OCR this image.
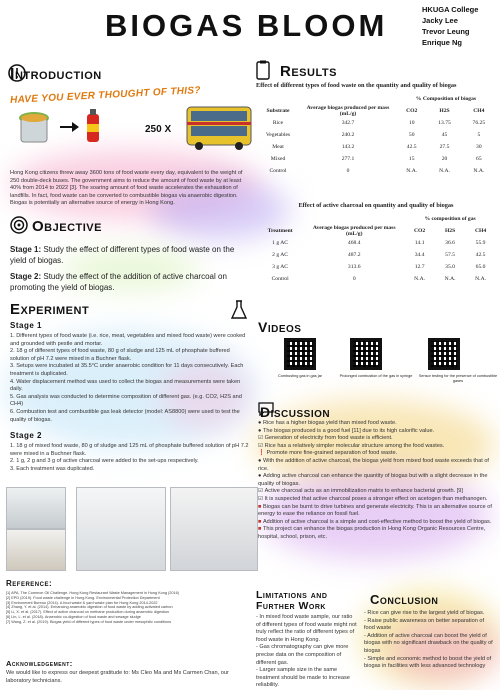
BIOGAS BLOOM	HKUGA College
Jacky Lee
Trevor Leung
Enrique Ng
Introduction
HAVE YOU EVER THOUGHT OF THIS?
250 X
Hong Kong citizens threw away 3600 tons of food waste every day, equivalent to the weight of 250 double-deck buses. The government aims to reduce the amount of food waste by at least 40% from 2014 to 2022 [3]. The soaring amount of food waste accelerates the exhaustion of landfills. In fact, food waste can be converted to combustible biogas via anaerobic digestion. Biogas is potentially an alternative source of energy in Hong Kong.
Objective
Stage 1: Study the effect of different types of food waste on the yield of biogas.
Stage 2: Study the effect of the addition of active charcoal on promoting the yield of biogas.
Experiment
Stage 1
1. Different types of food waste (i.e. rice, meat, vegetables and mixed food waste) were cooked and grounded with pestle and mortar.
2. 18 g of different types of food waste, 80 g of sludge and 125 mL of phosphate buffered solution of pH 7.2 were mixed in a Buchner flask.
3. Setups were incubated at 35.5°C under anaerobic condition for 11 days consecutively. Each treatment is duplicated.
4. Water displacement method was used to collect the biogas and measurements were taken daily.
5. Gas analysis was conducted to determine composition of different gas. (e.g. CO2, H2S and CH4)
6. Combustion test and combustible gas leak detector (model: AS8800) were used to test the quality of biogas.
Stage 2
1. 18 g of mixed food waste, 80 g of sludge and 125 mL of phosphate buffered solution of pH 7.2 were mixed in a Buchner flask.
2. 1 g, 2 g and 3 g of active charcoal were added to the set-ups respectively.
3. Each treatment was duplicated.
Reference:
[1] APA, The Common Oil Challenge. Hong Kong Restaurant Waste Management in Hong Kong (2016)
[2] EPD (2019). Food waste challenge in Hong Kong. Environmental Protection Department
[3] Environment Bureau (2014). A food waste & yard waste plan for Hong Kong 2014-2022
[4] Zhang, Y. et al. (2014). Enhancing anaerobic digestion of food waste by adding activated carbon
[5] Li, X. et al. (2017). Effect of active charcoal on methane production during anaerobic digestion
[6] Lin, L. et al. (2018). Anaerobic co-digestion of food waste and sewage sludge
[7] Wang, Z. et al. (2019). Biogas yield of different types of food waste under mesophilic conditions
Acknowledgement:
We would like to express our deepest gratitude to: Ms Cleo Ma and Ms Carmen Chan, our laboratory technicians.
Results
Effect of different types of food waste on the quantity and quality of biogas
		% Composition of biogas		
Substrate	Average biogas produced per mass (mL/g)	CO2	H2S	CH4
Rice	342.7	10	13.75	76.25
Vegetables	240.2	50	45	5
Meat	143.2	42.5	27.5	30
Mixed	277.1	15	20	65
Control	0	N.A.	N.A.	N.A.
Effect of active charcoal on quantity and quality of biogas
		% composition of gas		
Treatment	Average biogas produced per mass (mL/g)	CO2	H2S	CH4
1 g AC	468.4	14.1	36.6	55.9
2 g AC	487.2	34.4	57.5	42.5
3 g AC	313.6	12.7	35.0	65.0
Control	0	N.A.	N.A.	N.A.
Videos
Combusting gas in gas jar	Prolonged combustion of the gas in syringe	Sensor testing for the presence of combustible gases
Discussion
● Rice has a higher biogas yield than mixed food waste.
● The biogas produced is a good fuel [11] due to its high calorific value.
☑ Generation of electricity from food waste is efficient.
☑ Rice has a relatively simpler molecular structure among the food wastes.
❗ Promote more fine-grained separation of food waste.
● With the addition of active charcoal, the biogas yield from mixed food waste exceeds that of rice.
● Adding active charcoal can enhance the quantity of biogas but with a slight decrease in the quality of biogas.
☑ Active charcoal acts as an immobilization matrix to enhance bacterial growth. [9]
☑ It is suspected that active charcoal poses a stronger effect on acetogen than methanogen.
■ Biogas can be burnt to drive turbines and generate electricity. This is an alternative source of energy to ease the reliance on fossil fuel.
■ Addition of active charcoal is a simple and cost-effective method to boost the yield of biogas.
■ This project can enhance the biogas production in Hong Kong Organic Resources Centre, hospital, school, prison, etc.
Limitations and
Further Work
- In mixed food waste sample, our ratio of different types of food waste might not truly reflect the ratio of different types of food waste in Hong Kong.
- Gas chromatography can give more precise data on the composition of different gas.
- Larger sample size in the same treatment should be made to increase reliability.
Conclusion
- Rice can give rise to the largest yield of biogas.
- Raise public awareness on better separation of food waste
- Addition of active charcoal can boost the yield of biogas with no significant drawback on the quality of biogas
- Simple and economic method to boost the yield of biogas in facilities with less advanced technology
